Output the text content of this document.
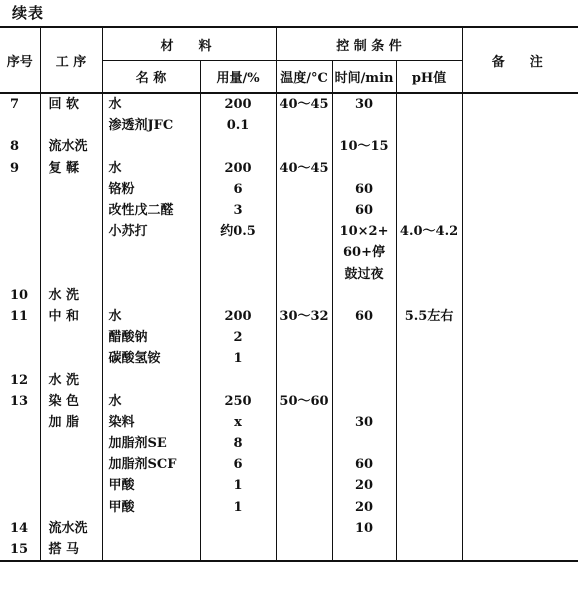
续表
序号	工 序	材　料		控 制 条 件			备　注
		名 称	用量/%	温度/°C	时间/min	pH值	
7	回 软	水	200	40～45	30		
		渗透剂JFC	0.1				
8	流水洗				10～15		
9	复 鞣	水	200	40～45			
		铬粉	6		60		
		改性戊二醛	3		60		
		小苏打	约0.5		10×2+	4.0～4.2	
					60+停		
					鼓过夜		
10	水 洗						
11	中 和	水	200	30～32	60	5.5左右	
		醋酸钠	2				
		碳酸氢铵	1				
12	水 洗						
13	染 色	水	250	50～60			
	加 脂	染料	x		30		
		加脂剂SE	8				
		加脂剂SCF	6		60		
		甲酸	1		20		
		甲酸	1		20		
14	流水洗				10		
15	搭 马						
